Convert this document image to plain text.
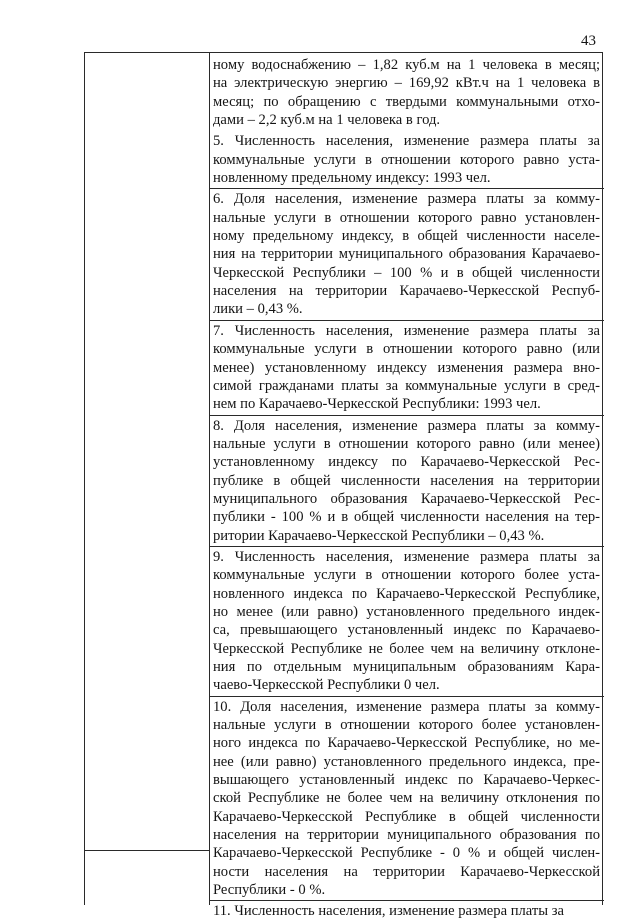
43
ному водоснабжению – 1,82 куб.м на 1 человека в месяц;
на электрическую энергию – 169,92 кВт.ч на 1 человека в
месяц; по обращению с твердыми коммунальными отхо-
дами – 2,2 куб.м на 1 человека в год.
5. Численность населения, изменение размера платы за
коммунальные услуги в отношении которого равно уста-
новленному предельному индексу: 1993 чел.
6. Доля населения, изменение размера платы за комму-
нальные услуги в отношении которого равно установлен-
ному предельному индексу, в общей численности населе-
ния на территории муниципального образования Карачаево-
Черкесской Республики – 100 % и в общей численности
населения на территории Карачаево-Черкесской Респуб-
лики – 0,43 %.
7. Численность населения, изменение размера платы за
коммунальные услуги в отношении которого равно (или
менее) установленному индексу изменения размера вно-
симой гражданами платы за коммунальные услуги в сред-
нем по Карачаево-Черкесской Республики: 1993 чел.
8. Доля населения, изменение размера платы за комму-
нальные услуги в отношении которого равно (или менее)
установленному индексу по Карачаево-Черкесской Рес-
публике в общей численности населения на территории
муниципального образования Карачаево-Черкесской Рес-
публики - 100 % и в общей численности населения на тер-
ритории Карачаево-Черкесской Республики – 0,43 %.
9. Численность населения, изменение размера платы за
коммунальные услуги в отношении которого более уста-
новленного индекса по Карачаево-Черкесской Республике,
но менее (или равно) установленного предельного индек-
са, превышающего установленный индекс по Карачаево-
Черкесской Республике не более чем на величину отклоне-
ния по отдельным муниципальным образованиям Кара-
чаево-Черкесской Республики 0 чел.
10. Доля населения, изменение размера платы за комму-
нальные услуги в отношении которого более установлен-
ного индекса по Карачаево-Черкесской Республике, но ме-
нее (или равно) установленного предельного индекса, пре-
вышающего установленный индекс по Карачаево-Черкес-
ской Республике не более чем на величину отклонения по
Карачаево-Черкесской Республике в общей численности
населения на территории муниципального образования по
Карачаево-Черкесской Республике - 0 % и общей числен-
ности населения на территории Карачаево-Черкесской
Республики - 0 %.
11. Численность населения, изменение размера платы за
